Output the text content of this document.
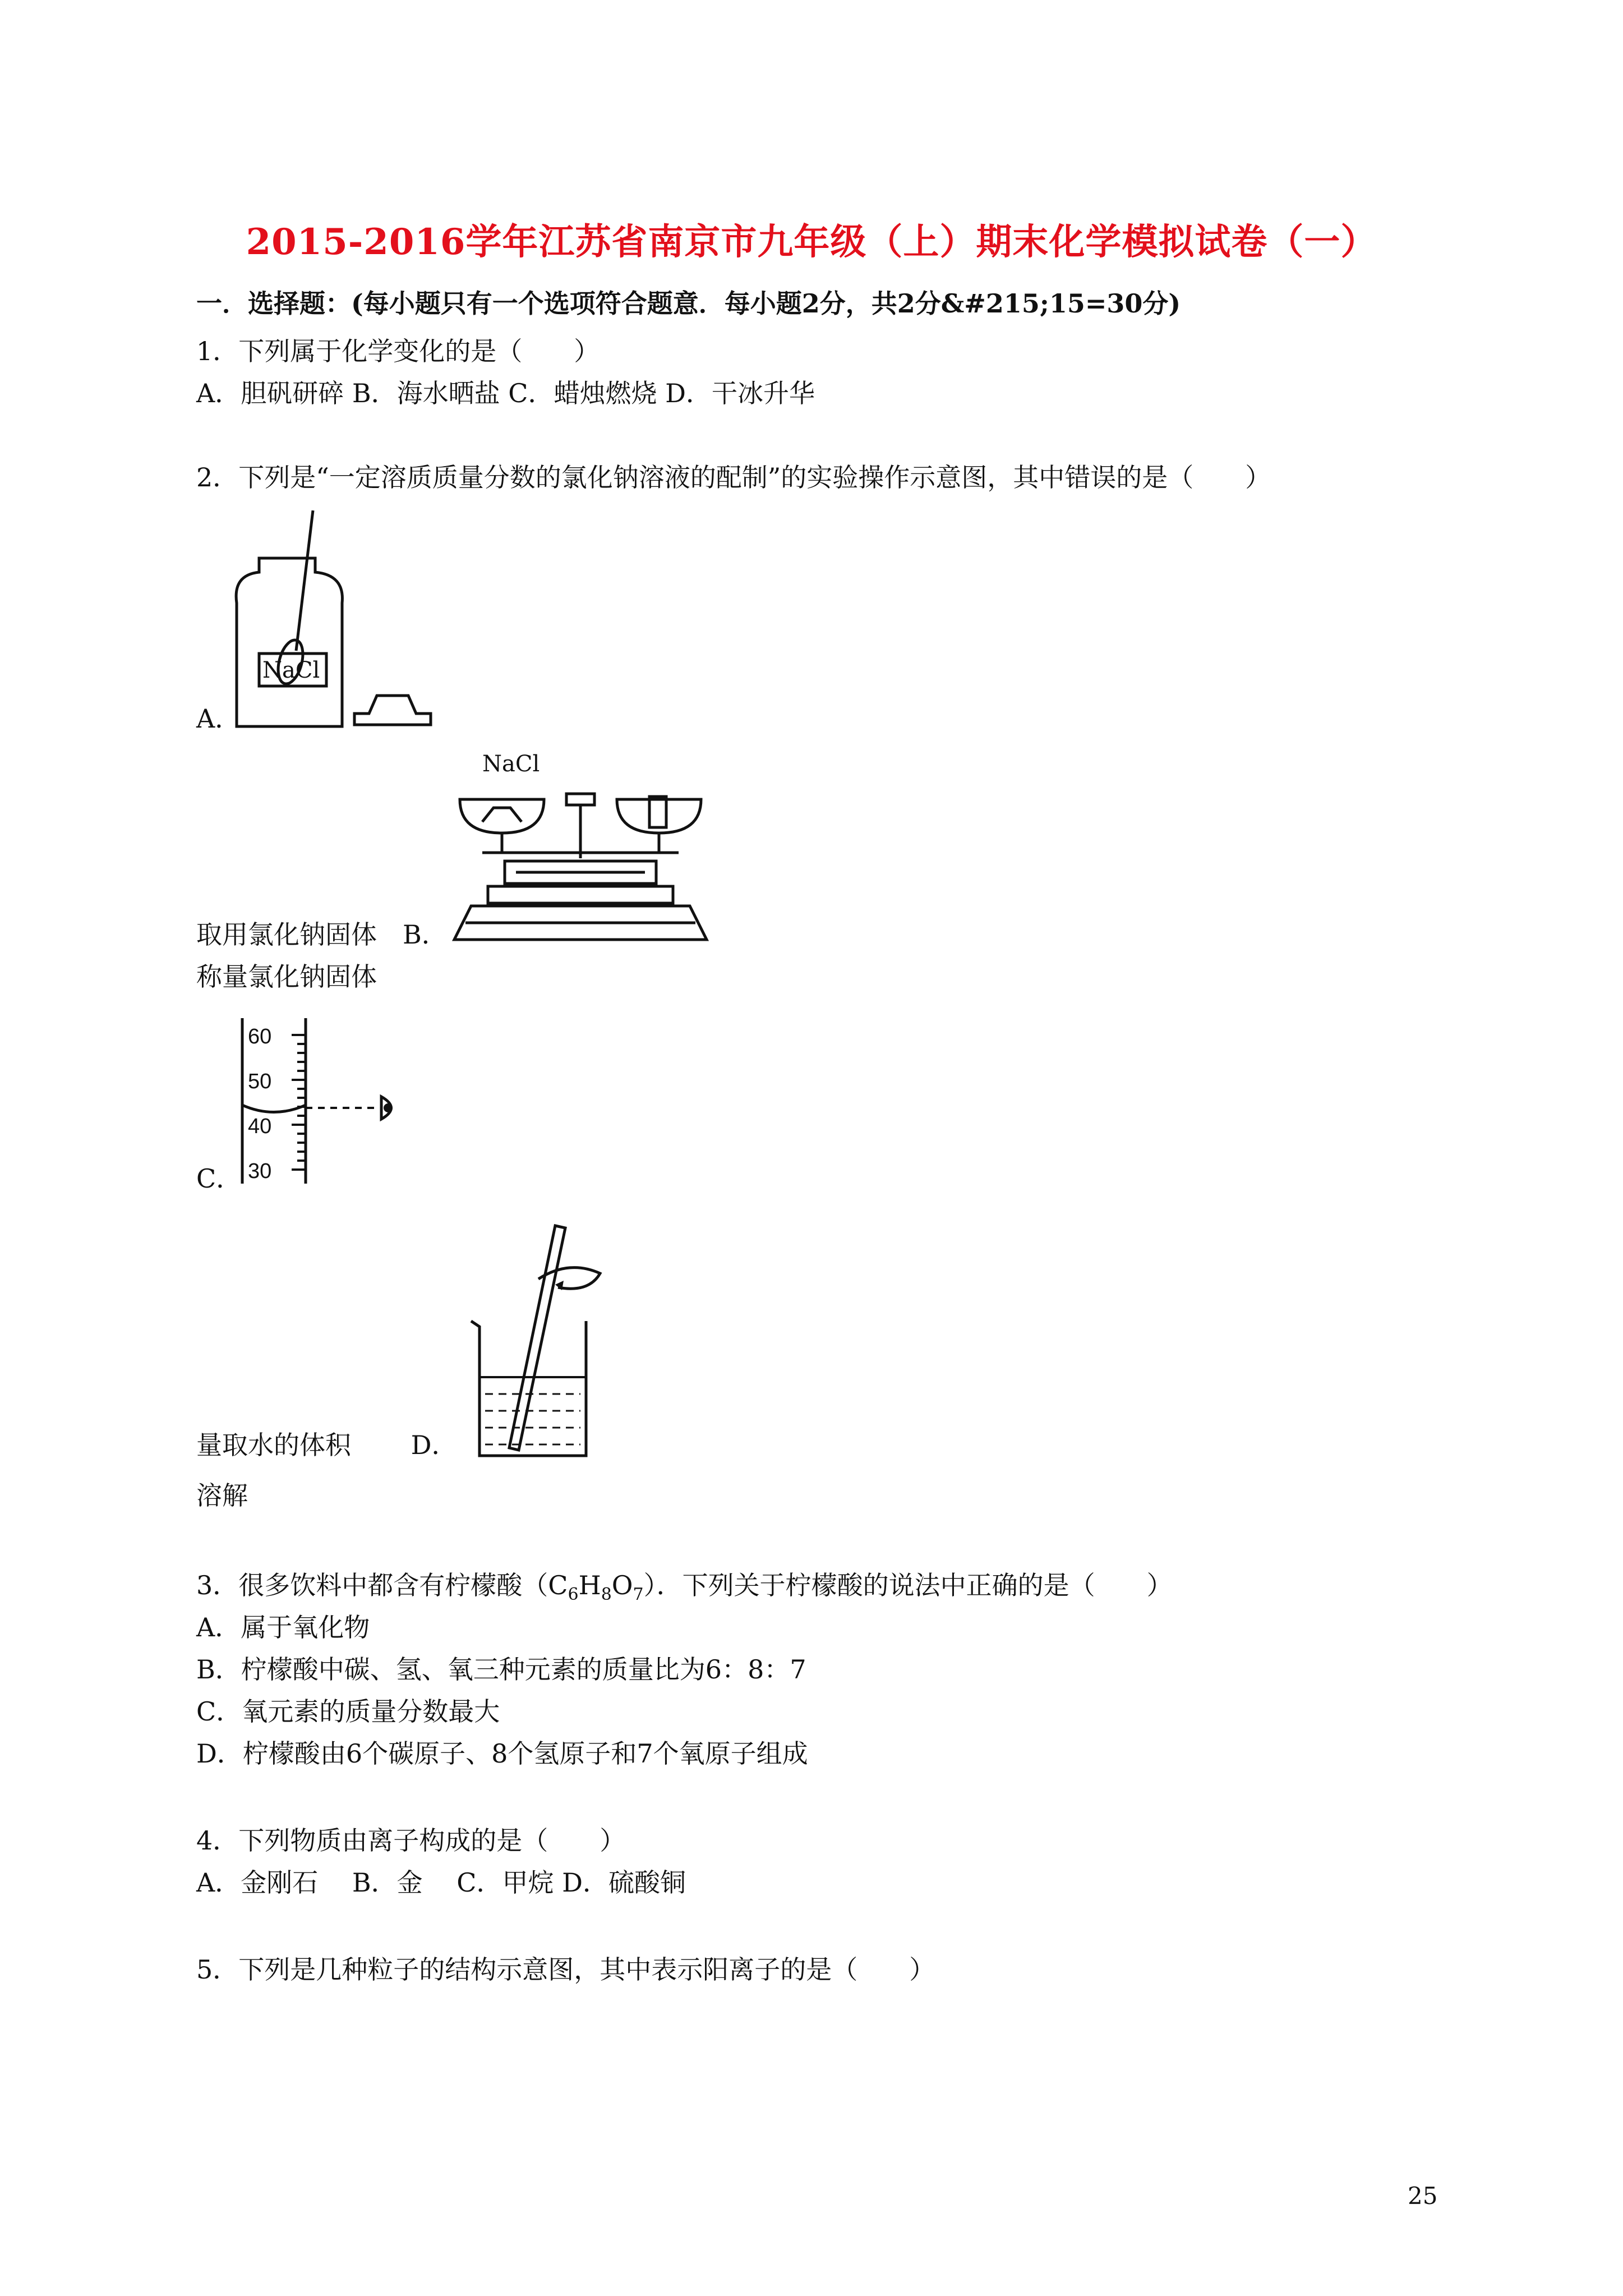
2015-2016学年江苏省南京市九年级（上）期末化学模拟试卷（一）
一．选择题：(每小题只有一个选项符合题意．每小题2分，共2分&#215;15=30分)
1．下列属于化学变化的是（　　）
A．胆矾研碎 B．海水晒盐 C．蜡烛燃烧 D．干冰升华
2．下列是“一定溶质质量分数的氯化钠溶液的配制”的实验操作示意图，其中错误的是（　　）
NaCl
A．
NaCl
取用氯化钠固体　 B．
称量氯化钠固体
60
50
40
30
C．
量取水的体积　　 D．
溶解
3．很多饮料中都含有柠檬酸$(C_6H_8O_7)$．下列关于柠檬酸的说法中正确的是（　　）
A．属于氧化物
B．柠檬酸中碳、氢、氧三种元素的质量比为6：8：7
C．氧元素的质量分数最大
D．柠檬酸由6个碳原子、8个氢原子和7个氧原子组成
4．下列物质由离子构成的是（　　）
A．金刚石　 B．金　 C．甲烷 D．硫酸铜
5．下列是几种粒子的结构示意图，其中表示阳离子的是（　　）
25
